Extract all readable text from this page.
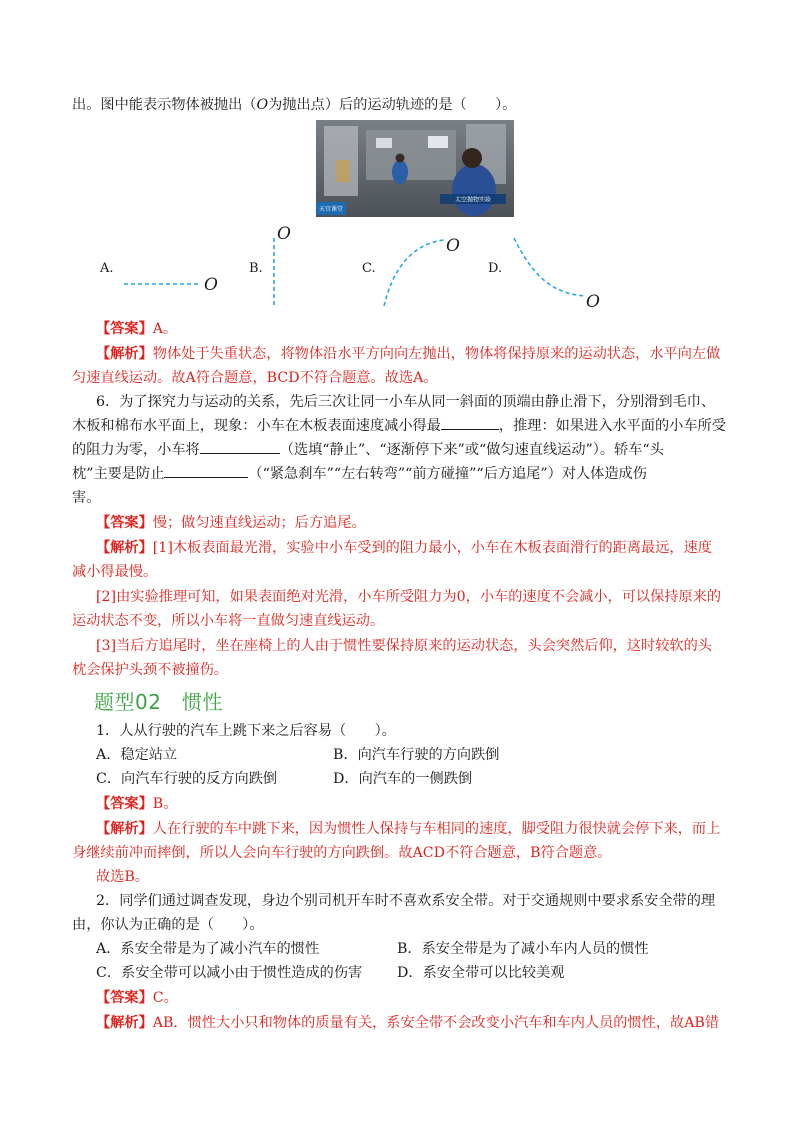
出。图中能表示物体被抛出（O为抛出点）后的运动轨迹的是（　　）。
天宫课堂
太空抛物实验
A.	B.	C.	D.
O
O
O
O
【答案】A。
【解析】物体处于失重状态，将物体沿水平方向向左抛出，物体将保持原来的运动状态，水平向左做
匀速直线运动。故A符合题意，BCD不符合题意。故选A。
6．为了探究力与运动的关系，先后三次让同一小车从同一斜面的顶端由静止滑下，分别滑到毛巾、
木板和棉布水平面上，现象：小车在木板表面速度减小得最	，推理：如果进入水平面的小车所受
的阻力为零，小车将	（选填“静止”、“逐渐停下来”或“做匀速直线运动”）。轿车“头
枕”主要是防止	（“紧急刹车”“左右转弯”“前方碰撞”“后方追尾”）对人体造成伤
害。
【答案】慢；做匀速直线运动；后方追尾。
【解析】[1]木板表面最光滑，实验中小车受到的阻力最小，小车在木板表面滑行的距离最远，速度
减小得最慢。
[2]由实验推理可知，如果表面绝对光滑，小车所受阻力为0，小车的速度不会减小，可以保持原来的
运动状态不变，所以小车将一直做匀速直线运动。
[3]当后方追尾时，坐在座椅上的人由于惯性要保持原来的运动状态，头会突然后仰，这时较软的头
枕会保护头颈不被撞伤。
题型02　惯性
1．人从行驶的汽车上跳下来之后容易（　　）。
A．稳定站立	B．向汽车行驶的方向跌倒
C．向汽车行驶的反方向跌倒	D．向汽车的一侧跌倒
【答案】B。
【解析】人在行驶的车中跳下来，因为惯性人保持与车相同的速度，脚受阻力很快就会停下来，而上
身继续前冲而摔倒，所以人会向车行驶的方向跌倒。故ACD不符合题意，B符合题意。
故选B。
2．同学们通过调查发现，身边个别司机开车时不喜欢系安全带。对于交通规则中要求系安全带的理
由，你认为正确的是（　　）。
A．系安全带是为了减小汽车的惯性	B．系安全带是为了减小车内人员的惯性
C．系安全带可以减小由于惯性造成的伤害 D．系安全带可以比较美观
【答案】C。
【解析】AB．惯性大小只和物体的质量有关，系安全带不会改变小汽车和车内人员的惯性，故AB错
